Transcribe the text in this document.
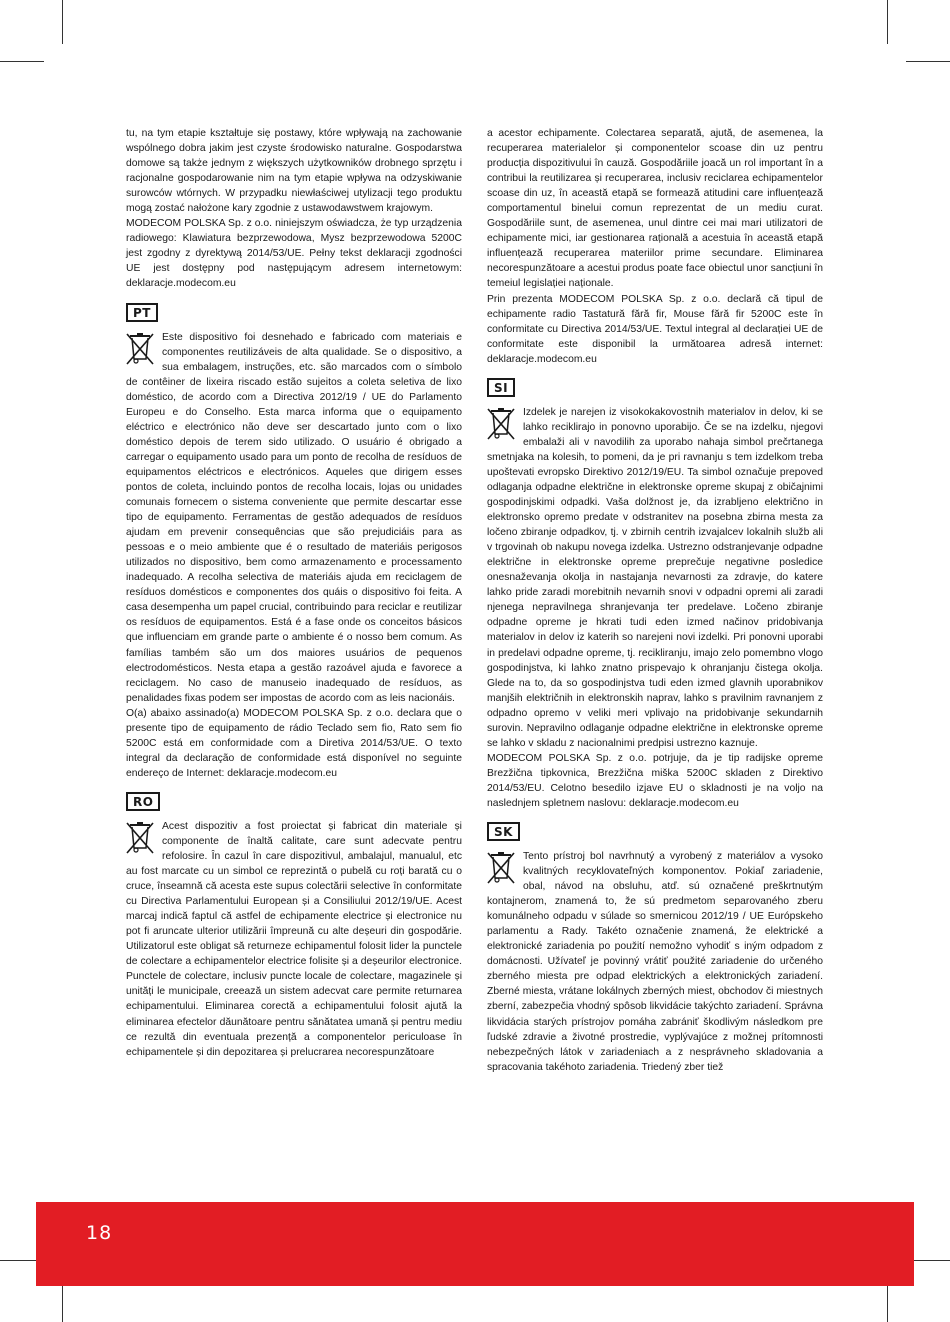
tu, na tym etapie kształtuje się postawy, które wpływają na zachowanie wspólnego dobra jakim jest czyste środowisko naturalne. Gospodarstwa domowe są także jednym z większych użytkowników drobnego sprzętu i racjonalne gospodarowanie nim na tym etapie wpływa na odzyskiwanie surowców wtórnych. W przypadku niewłaściwej utylizacji tego produktu mogą zostać nałożone kary zgodnie z ustawodawstwem krajowym.

MODECOM POLSKA Sp. z o.o. niniejszym oświadcza, że typ urządzenia radiowego: Klawiatura bezprzewodowa, Mysz bezprzewodowa 5200C jest zgodny z dyrektywą 2014/53/UE. Pełny tekst deklaracji zgodności UE jest dostępny pod następującym adresem internetowym: deklaracje.modecom.eu

PT

Este dispositivo foi desnehado e fabricado com materiais e componentes reutilizáveis de alta qualidade. Se o dispositivo, a sua embalagem, instruções, etc. são marcados com o símbolo de contêiner de lixeira riscado estão sujeitos a coleta seletiva de lixo doméstico, de acordo com a Directiva 2012/19 / UE do Parlamento Europeu e do Conselho. Esta marca informa que o equipamento eléctrico e electrónico não deve ser descartado junto com o lixo doméstico depois de terem sido utilizado. O usuário é obrigado a carregar o equipamento usado para um ponto de recolha de resíduos de equipamentos eléctricos e electrónicos. Aqueles que dirigem esses pontos de coleta, incluindo pontos de recolha locais, lojas ou unidades comunais fornecem o sistema conveniente que permite descartar esse tipo de equipamento. Ferramentas de gestão adequados de resíduos ajudam em prevenir consequências que são prejudiciáis para as pessoas e o meio ambiente que é o resultado de materiáis perigosos utilizados no dispositivo, bem como armazenamento e processamento inadequado. A recolha selectiva de materiáis ajuda em reciclagem de resíduos domésticos e componentes dos quáis o dispositivo foi feita. A casa desempenha um papel crucial, contribuindo para reciclar e reutilizar os resíduos de equipamentos. Está é a fase onde os conceitos básicos que influenciam em grande parte o ambiente é o nosso bem comum. As famílias também são um dos maiores usuários de pequenos electrodomésticos. Nesta etapa a gestão razoável ajuda e favorece a reciclagem. No caso de manuseio inadequado de resíduos, as penalidades fixas podem ser impostas de acordo com as leis nacionáis.

O(a) abaixo assinado(a) MODECOM POLSKA Sp. z o.o. declara que o presente tipo de equipamento de rádio Teclado sem fio, Rato sem fio 5200C está em conformidade com a Diretiva 2014/53/UE. O texto integral da declaração de conformidade está disponível no seguinte endereço de Internet: deklaracje.modecom.eu

RO

Acest dispozitiv a fost proiectat și fabricat din materiale și componente de înaltă calitate, care sunt adecvate pentru refolosire. În cazul în care dispozitivul, ambalajul, manualul, etc au fost marcate cu un simbol ce reprezintă o pubelă cu roți barată cu o cruce, înseamnă că acesta este supus colectării selective în conformitate cu Directiva Parlamentului European și a Consiliului 2012/19/UE. Acest marcaj indică faptul că astfel de echipamente electrice și electronice nu pot fi aruncate ulterior utilizării împreună cu alte deșeuri din gospodărie. Utilizatorul este obligat să returneze echipamentul folosit lider la punctele de colectare a echipamentelor electrice folisite și a deșeurilor electronice. Punctele de colectare, inclusiv puncte locale de colectare, magazinele și unități le municipale, creează un sistem adecvat care permite returnarea echipamentului. Eliminarea corectă a echipamentului folosit ajută la eliminarea efectelor dăunătoare pentru sănătatea umană și pentru mediu ce rezultă din eventuala prezență a componentelor periculoase în echipamentele și din depozitarea și prelucrarea necorespunzătoare

a acestor echipamente. Colectarea separată, ajută, de asemenea, la recuperarea materialelor și componentelor scoase din uz pentru producția dispozitivului în cauză. Gospodăriile joacă un rol important în a contribui la reutilizarea și recuperarea, inclusiv reciclarea echipamentelor scoase din uz, în această etapă se formează atitudini care influențează comportamentul binelui comun reprezentat de un mediu curat. Gospodăriile sunt, de asemenea, unul dintre cei mai mari utilizatori de echipamente mici, iar gestionarea rațională a acestuia în această etapă influențează recuperarea materiilor prime secundare. Eliminarea necorespunzătoare a acestui produs poate face obiectul unor sancțiuni în temeiul legislației naționale.

Prin prezenta MODECOM POLSKA Sp. z o.o. declară că tipul de echipamente radio Tastatură fără fir, Mouse fără fir 5200C este în conformitate cu Directiva 2014/53/UE. Textul integral al declarației UE de conformitate este disponibil la următoarea adresă internet: deklaracje.modecom.eu

SI

Izdelek je narejen iz visokokakovostnih materialov in delov, ki se lahko reciklirajo in ponovno uporabijo. Če se na izdelku, njegovi embalaži ali v navodilih za uporabo nahaja simbol prečrtanega smetnjaka na kolesih, to pomeni, da je pri ravnanju s tem izdelkom treba upoštevati evropsko Direktivo 2012/19/EU. Ta simbol označuje prepoved odlaganja odpadne električne in elektronske opreme skupaj z običajnimi gospodinjskimi odpadki. Vaša dolžnost je, da izrabljeno električno in elektronsko opremo predate v odstranitev na posebna zbirna mesta za ločeno zbiranje odpadkov, tj. v zbirnih centrih izvajalcev lokalnih služb ali v trgovinah ob nakupu novega izdelka. Ustrezno odstranjevanje odpadne električne in elektronske opreme preprečuje negativne posledice onesnaževanja okolja in nastajanja nevarnosti za zdravje, do katere lahko pride zaradi morebitnih nevarnih snovi v odpadni opremi ali zaradi njenega nepravilnega shranjevanja ter predelave. Ločeno zbiranje odpadne opreme je hkrati tudi eden izmed načinov pridobivanja materialov in delov iz katerih so narejeni novi izdelki. Pri ponovni uporabi in predelavi odpadne opreme, tj. recikliranju, imajo zelo pomembno vlogo gospodinjstva, ki lahko znatno prispevajo k ohranjanju čistega okolja. Glede na to, da so gospodinjstva tudi eden izmed glavnih uporabnikov manjših električnih in elektronskih naprav, lahko s pravilnim ravnanjem z odpadno opremo v veliki meri vplivajo na pridobivanje sekundarnih surovin. Nepravilno odlaganje odpadne električne in elektronske opreme se lahko v skladu z nacionalnimi predpisi ustrezno kaznuje.

MODECOM POLSKA Sp. z o.o. potrjuje, da je tip radijske opreme Brezžična tipkovnica, Brezžična miška 5200C skladen z Direktivo 2014/53/EU. Celotno besedilo izjave EU o skladnosti je na voljo na naslednjem spletnem naslovu: deklaracje.modecom.eu

SK

Tento prístroj bol navrhnutý a vyrobený z materiálov a vysoko kvalitných recyklovateľných komponentov. Pokiaľ zariadenie, obal, návod na obsluhu, atď. sú označené preškrtnutým kontajnerom, znamená to, že sú predmetom separovaného zberu komunálneho odpadu v súlade so smernicou 2012/19 / UE Európskeho parlamentu a Rady. Takéto označenie znamená, že elektrické a elektronické zariadenia po použití nemožno vyhodiť s iným odpadom z domácnosti. Užívateľ je povinný vrátiť použité zariadenie do určeného zberného miesta pre odpad elektrických a elektronických zariadení. Zberné miesta, vrátane lokálnych zberných miest, obchodov či miestnych zberní, zabezpečia vhodný spôsob likvidácie takýchto zariadení. Správna likvidácia starých prístrojov pomáha zabrániť škodlivým následkom pre ľudské zdravie a životné prostredie, vyplývajúce z možnej prítomnosti nebezpečných látok v zariadeniach a z nesprávneho skladovania a spracovania takéhoto zariadenia. Triedený zber tiež

18
